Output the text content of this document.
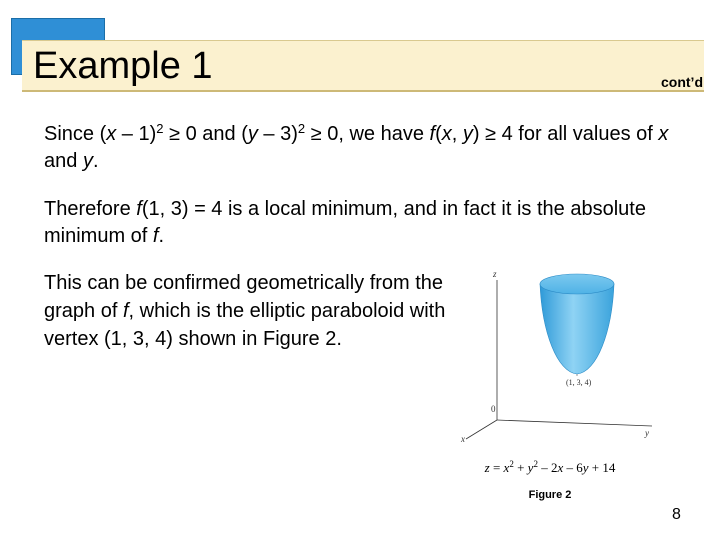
Example 1	cont’d
Since (x – 1)$^2$ ≥ 0 and (y – 3)$^2$ ≥ 0, we have f(x, y) ≥ 4 for all values of x and y.
Therefore f(1, 3) = 4 is a local minimum, and in fact it is the absolute minimum of f.
This can be confirmed geometrically from the graph of f, which is the elliptic paraboloid with vertex (1, 3, 4) shown in Figure 2.
z
x
y
0
(1, 3, 4)
$z = x^2 + y^2 - 2x - 6y + 14$
Figure 2
8
